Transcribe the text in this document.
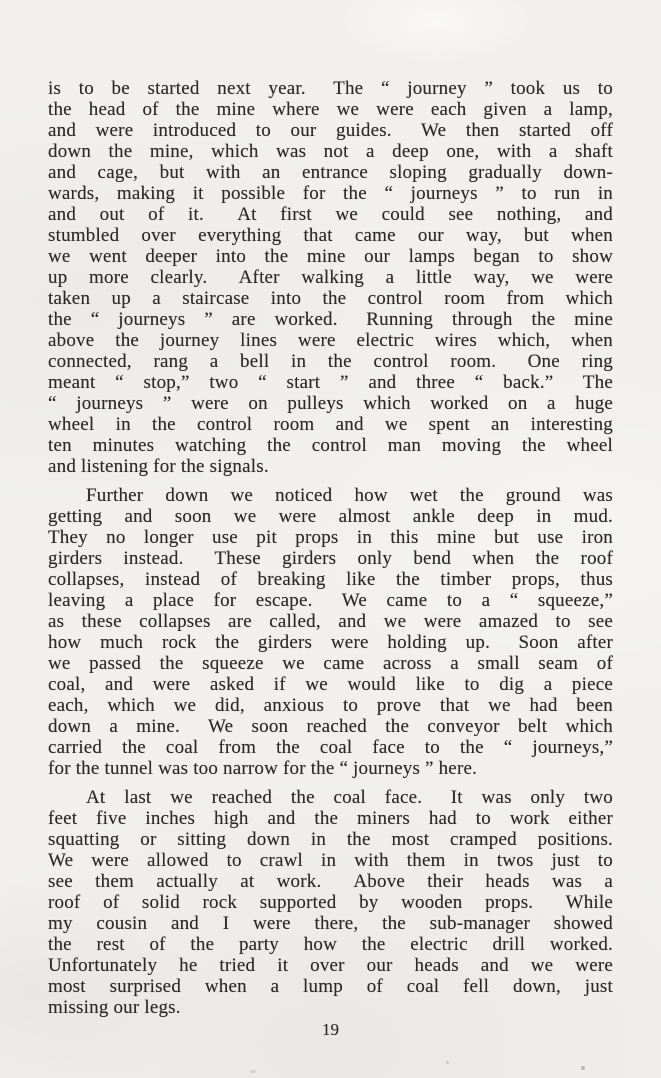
is to be started next year.  The “ journey ” took us to
the head of the mine where we were each given a lamp,
and were introduced to our guides.  We then started off
down the mine, which was not a deep one, with a shaft
and cage, but with an entrance sloping gradually down-
wards, making it possible for the “ journeys ” to run in
and out of it.  At first we could see nothing, and
stumbled over everything that came our way, but when
we went deeper into the mine our lamps began to show
up more clearly.  After walking a little way, we were
taken up a staircase into the control room from which
the “ journeys ” are worked.  Running through the mine
above the journey lines were electric wires which, when
connected, rang a bell in the control room.  One ring
meant “ stop,” two “ start ” and three “ back.”  The
“ journeys ” were on pulleys which worked on a huge
wheel in the control room and we spent an interesting
ten minutes watching the control man moving the wheel
and listening for the signals.
Further down we noticed how wet the ground was
getting and soon we were almost ankle deep in mud.
They no longer use pit props in this mine but use iron
girders instead.  These girders only bend when the roof
collapses, instead of breaking like the timber props, thus
leaving a place for escape.  We came to a “ squeeze,”
as these collapses are called, and we were amazed to see
how much rock the girders were holding up.  Soon after
we passed the squeeze we came across a small seam of
coal, and were asked if we would like to dig a piece
each, which we did, anxious to prove that we had been
down a mine.  We soon reached the conveyor belt which
carried the coal from the coal face to the “ journeys,”
for the tunnel was too narrow for the “ journeys ” here.
At last we reached the coal face.  It was only two
feet five inches high and the miners had to work either
squatting or sitting down in the most cramped positions.
We were allowed to crawl in with them in twos just to
see them actually at work.  Above their heads was a
roof of solid rock supported by wooden props.  While
my cousin and I were there, the sub-manager showed
the rest of the party how the electric drill worked.
Unfortunately he tried it over our heads and we were
most surprised when a lump of coal fell down, just
missing our legs.
19
